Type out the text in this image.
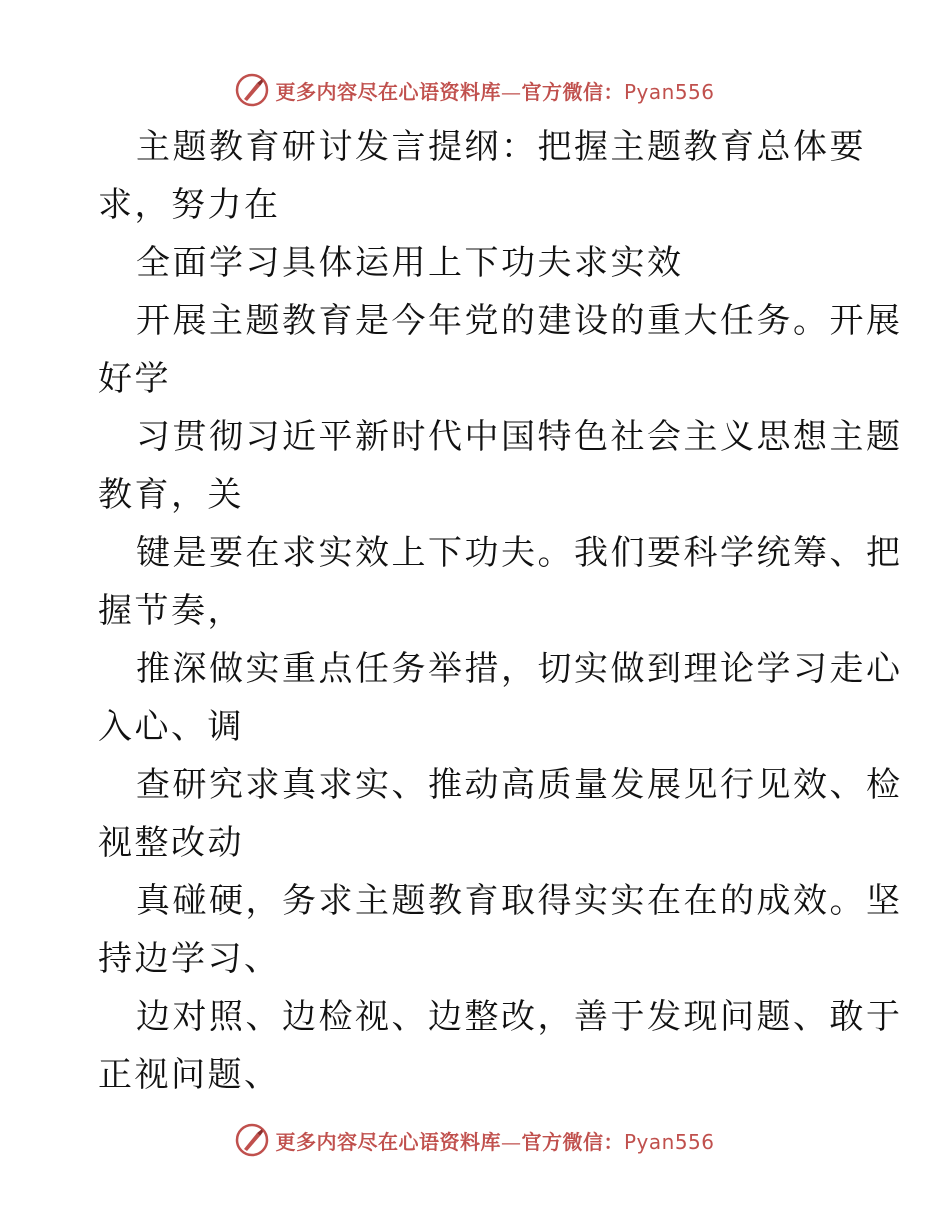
更多内容尽在心语资料库—官方微信：Pyan556
主题教育研讨发言提纲：把握主题教育总体要
求，努力在
全面学习具体运用上下功夫求实效
开展主题教育是今年党的建设的重大任务。开展
好学
习贯彻习近平新时代中国特色社会主义思想主题
教育，关
键是要在求实效上下功夫。我们要科学统筹、把
握节奏，
推深做实重点任务举措，切实做到理论学习走心
入心、调
查研究求真求实、推动高质量发展见行见效、检
视整改动
真碰硬，务求主题教育取得实实在在的成效。坚
持边学习、
边对照、边检视、边整改，善于发现问题、敢于
正视问题、
更多内容尽在心语资料库—官方微信：Pyan556
